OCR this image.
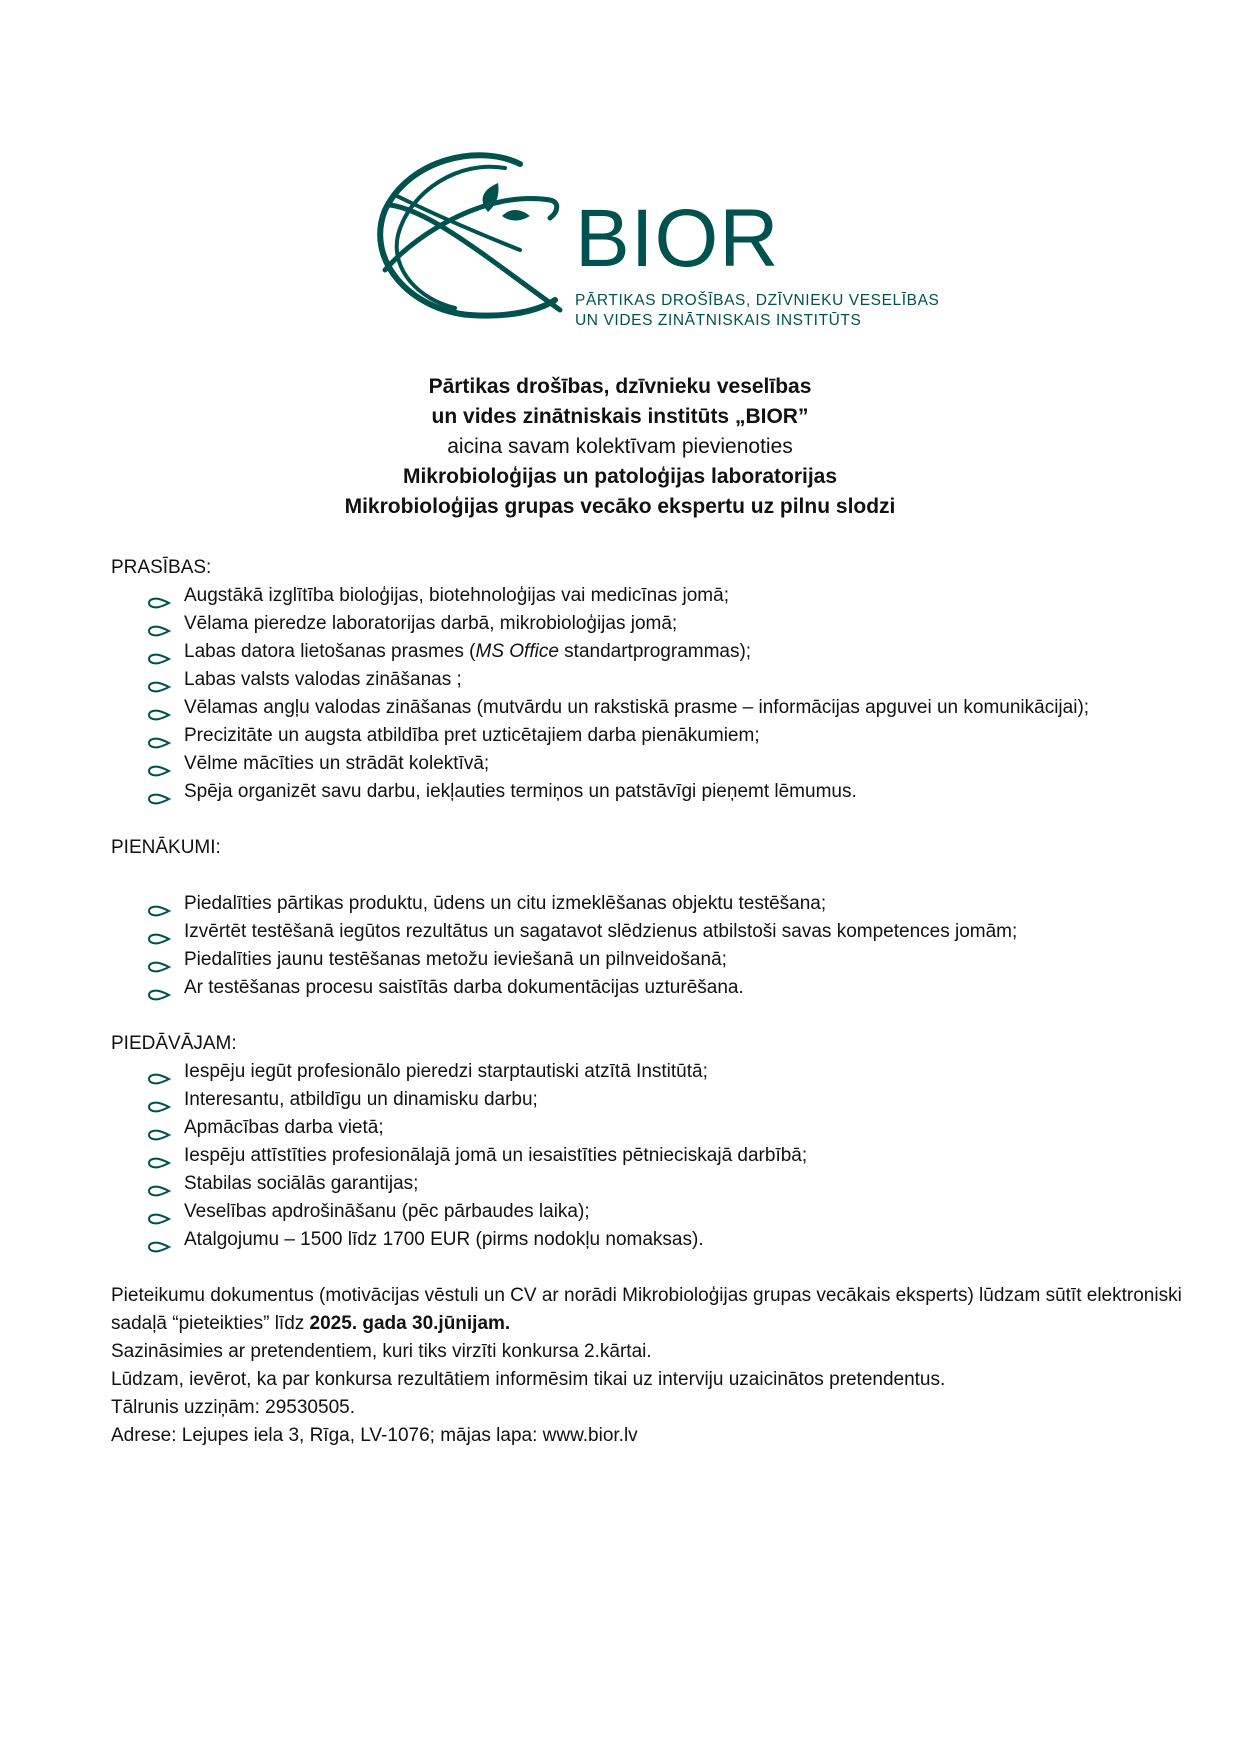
BIOR
PĀRTIKAS DROŠĪBAS, DZĪVNIEKU VESELĪBAS
UN VIDES ZINĀTNISKAIS INSTITŪTS
Pārtikas drošības, dzīvnieku veselības
un vides zinātniskais institūts „BIOR”
aicina savam kolektīvam pievienoties
Mikrobioloģijas un patoloģijas laboratorijas
Mikrobioloģijas grupas vecāko ekspertu uz pilnu slodzi
PRASĪBAS:
Augstākā izglītība bioloģijas, biotehnoloģijas vai medicīnas jomā;
Vēlama pieredze laboratorijas darbā, mikrobioloģijas jomā;
Labas datora lietošanas prasmes (MS Office standartprogrammas);
Labas valsts valodas zināšanas ;
Vēlamas angļu valodas zināšanas (mutvārdu un rakstiskā prasme – informācijas apguvei un komunikācijai);
Precizitāte un augsta atbildība pret uzticētajiem darba pienākumiem;
Vēlme mācīties un strādāt kolektīvā;
Spēja organizēt savu darbu, iekļauties termiņos un patstāvīgi pieņemt lēmumus.
PIENĀKUMI:
Piedalīties pārtikas produktu, ūdens un citu izmeklēšanas objektu testēšana;
Izvērtēt testēšanā iegūtos rezultātus un sagatavot slēdzienus atbilstoši savas kompetences jomām;
Piedalīties jaunu testēšanas metožu ieviešanā un pilnveidošanā;
Ar testēšanas procesu saistītās darba dokumentācijas uzturēšana.
PIEDĀVĀJAM:
Iespēju iegūt profesionālo pieredzi starptautiski atzītā Institūtā;
Interesantu, atbildīgu un dinamisku darbu;
Apmācības darba vietā;
Iespēju attīstīties profesionālajā jomā un iesaistīties pētnieciskajā darbībā;
Stabilas sociālās garantijas;
Veselības apdrošināšanu (pēc pārbaudes laika);
Atalgojumu – 1500 līdz 1700 EUR (pirms nodokļu nomaksas).

Pieteikumu dokumentus (motivācijas vēstuli un CV ar norādi Mikrobioloģijas grupas vecākais eksperts) lūdzam sūtīt elektroniski sadaļā “pieteikties” līdz 2025. gada 30.jūnijam.

Sazināsimies ar pretendentiem, kuri tiks virzīti konkursa 2.kārtai.

Lūdzam, ievērot, ka par konkursa rezultātiem informēsim tikai uz interviju uzaicinātos pretendentus.

Tālrunis uzziņām: 29530505.

Adrese: Lejupes iela 3, Rīga, LV-1076; mājas lapa: www.bior.lv
